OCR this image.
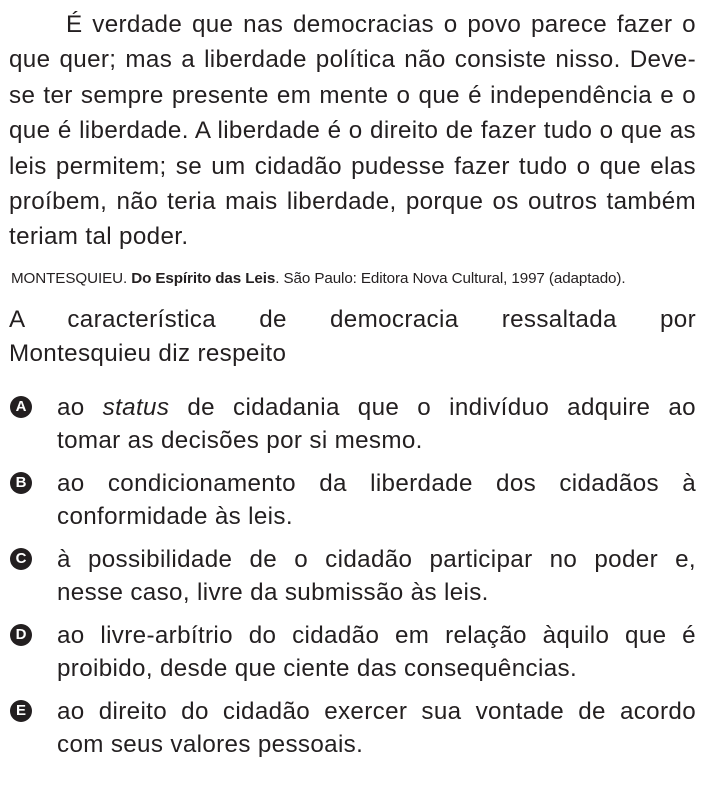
É verdade que nas democracias o povo parece fazer o que quer; mas a liberdade política não consiste nisso. Deve-se ter sempre presente em mente o que é independência e o que é liberdade. A liberdade é o direito de fazer tudo o que as leis permitem; se um cidadão pudesse fazer tudo o que elas proíbem, não teria mais liberdade, porque os outros também teriam tal poder.

MONTESQUIEU. Do Espírito das Leis. São Paulo: Editora Nova Cultural, 1997 (adaptado).
A característica de democracia ressaltada por
Montesquieu diz respeito
A ao status de cidadania que o indivíduo adquire ao
tomar as decisões por si mesmo.
B ao condicionamento da liberdade dos cidadãos à
conformidade às leis.
C à possibilidade de o cidadão participar no poder e,
nesse caso, livre da submissão às leis.
D ao livre-arbítrio do cidadão em relação àquilo que é
proibido, desde que ciente das consequências.
E ao direito do cidadão exercer sua vontade de acordo
com seus valores pessoais.
